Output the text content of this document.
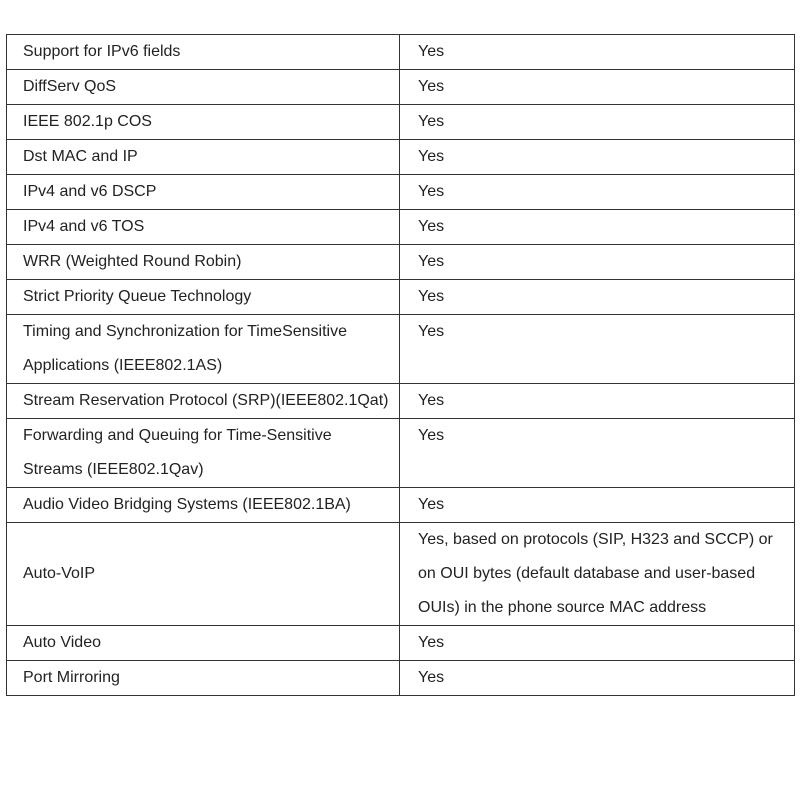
Support for IPv6 fields	Yes
DiffServ QoS	Yes
IEEE 802.1p COS	Yes
Dst MAC and IP	Yes
IPv4 and v6 DSCP	Yes
IPv4 and v6 TOS	Yes
WRR (Weighted Round Robin)	Yes
Strict Priority Queue Technology	Yes
Timing and Synchronization for TimeSensitive Applications (IEEE802.1AS)	Yes
Stream Reservation Protocol (SRP)(IEEE802.1Qat)	Yes
Forwarding and Queuing for Time-Sensitive Streams (IEEE802.1Qav)	Yes
Audio Video Bridging Systems (IEEE802.1BA)	Yes
Auto-VoIP	Yes, based on protocols (SIP, H323 and SCCP) or on OUI bytes (default database and user-based OUIs) in the phone source MAC address
Auto Video	Yes
Port Mirroring	Yes
